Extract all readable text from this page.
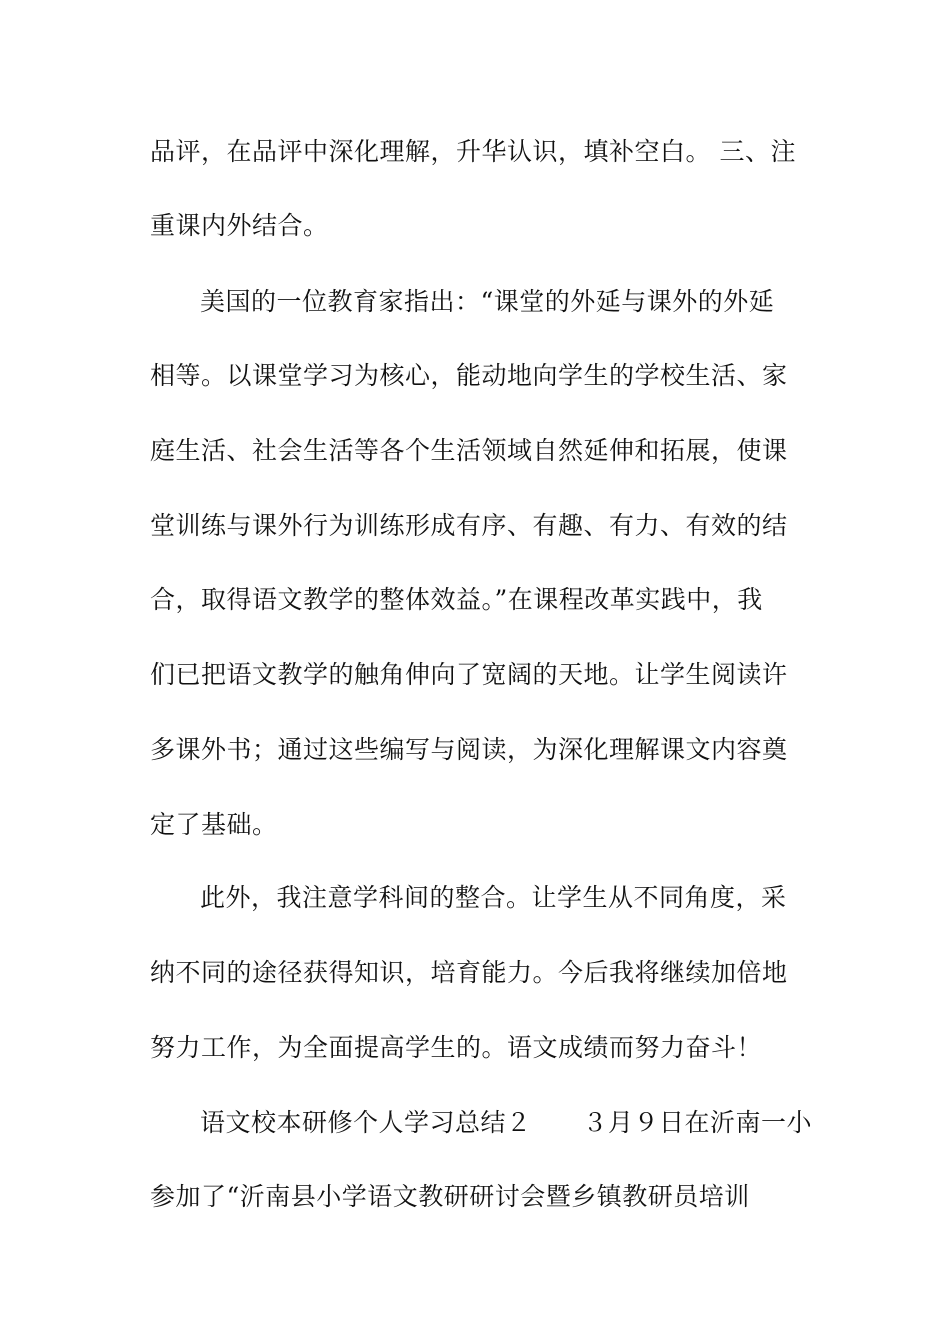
品评，在品评中深化理解，升华认识，填补空白。 三、注
重课内外结合。
美国的一位教育家指出：“课堂的外延与课外的外延
相等。以课堂学习为核心，能动地向学生的学校生活、家
庭生活、社会生活等各个生活领域自然延伸和拓展，使课
堂训练与课外行为训练形成有序、有趣、有力、有效的结
合，取得语文教学的整体效益。”在课程改革实践中，我
们已把语文教学的触角伸向了宽阔的天地。让学生阅读许
多课外书；通过这些编写与阅读，为深化理解课文内容奠
定了基础。
此外，我注意学科间的整合。让学生从不同角度，采
纳不同的途径获得知识，培育能力。今后我将继续加倍地
努力工作，为全面提高学生的。语文成绩而努力奋斗！
语文校本研修个人学习总结２　　３月９日在沂南一小
参加了“沂南县小学语文教研研讨会暨乡镇教研员培训
